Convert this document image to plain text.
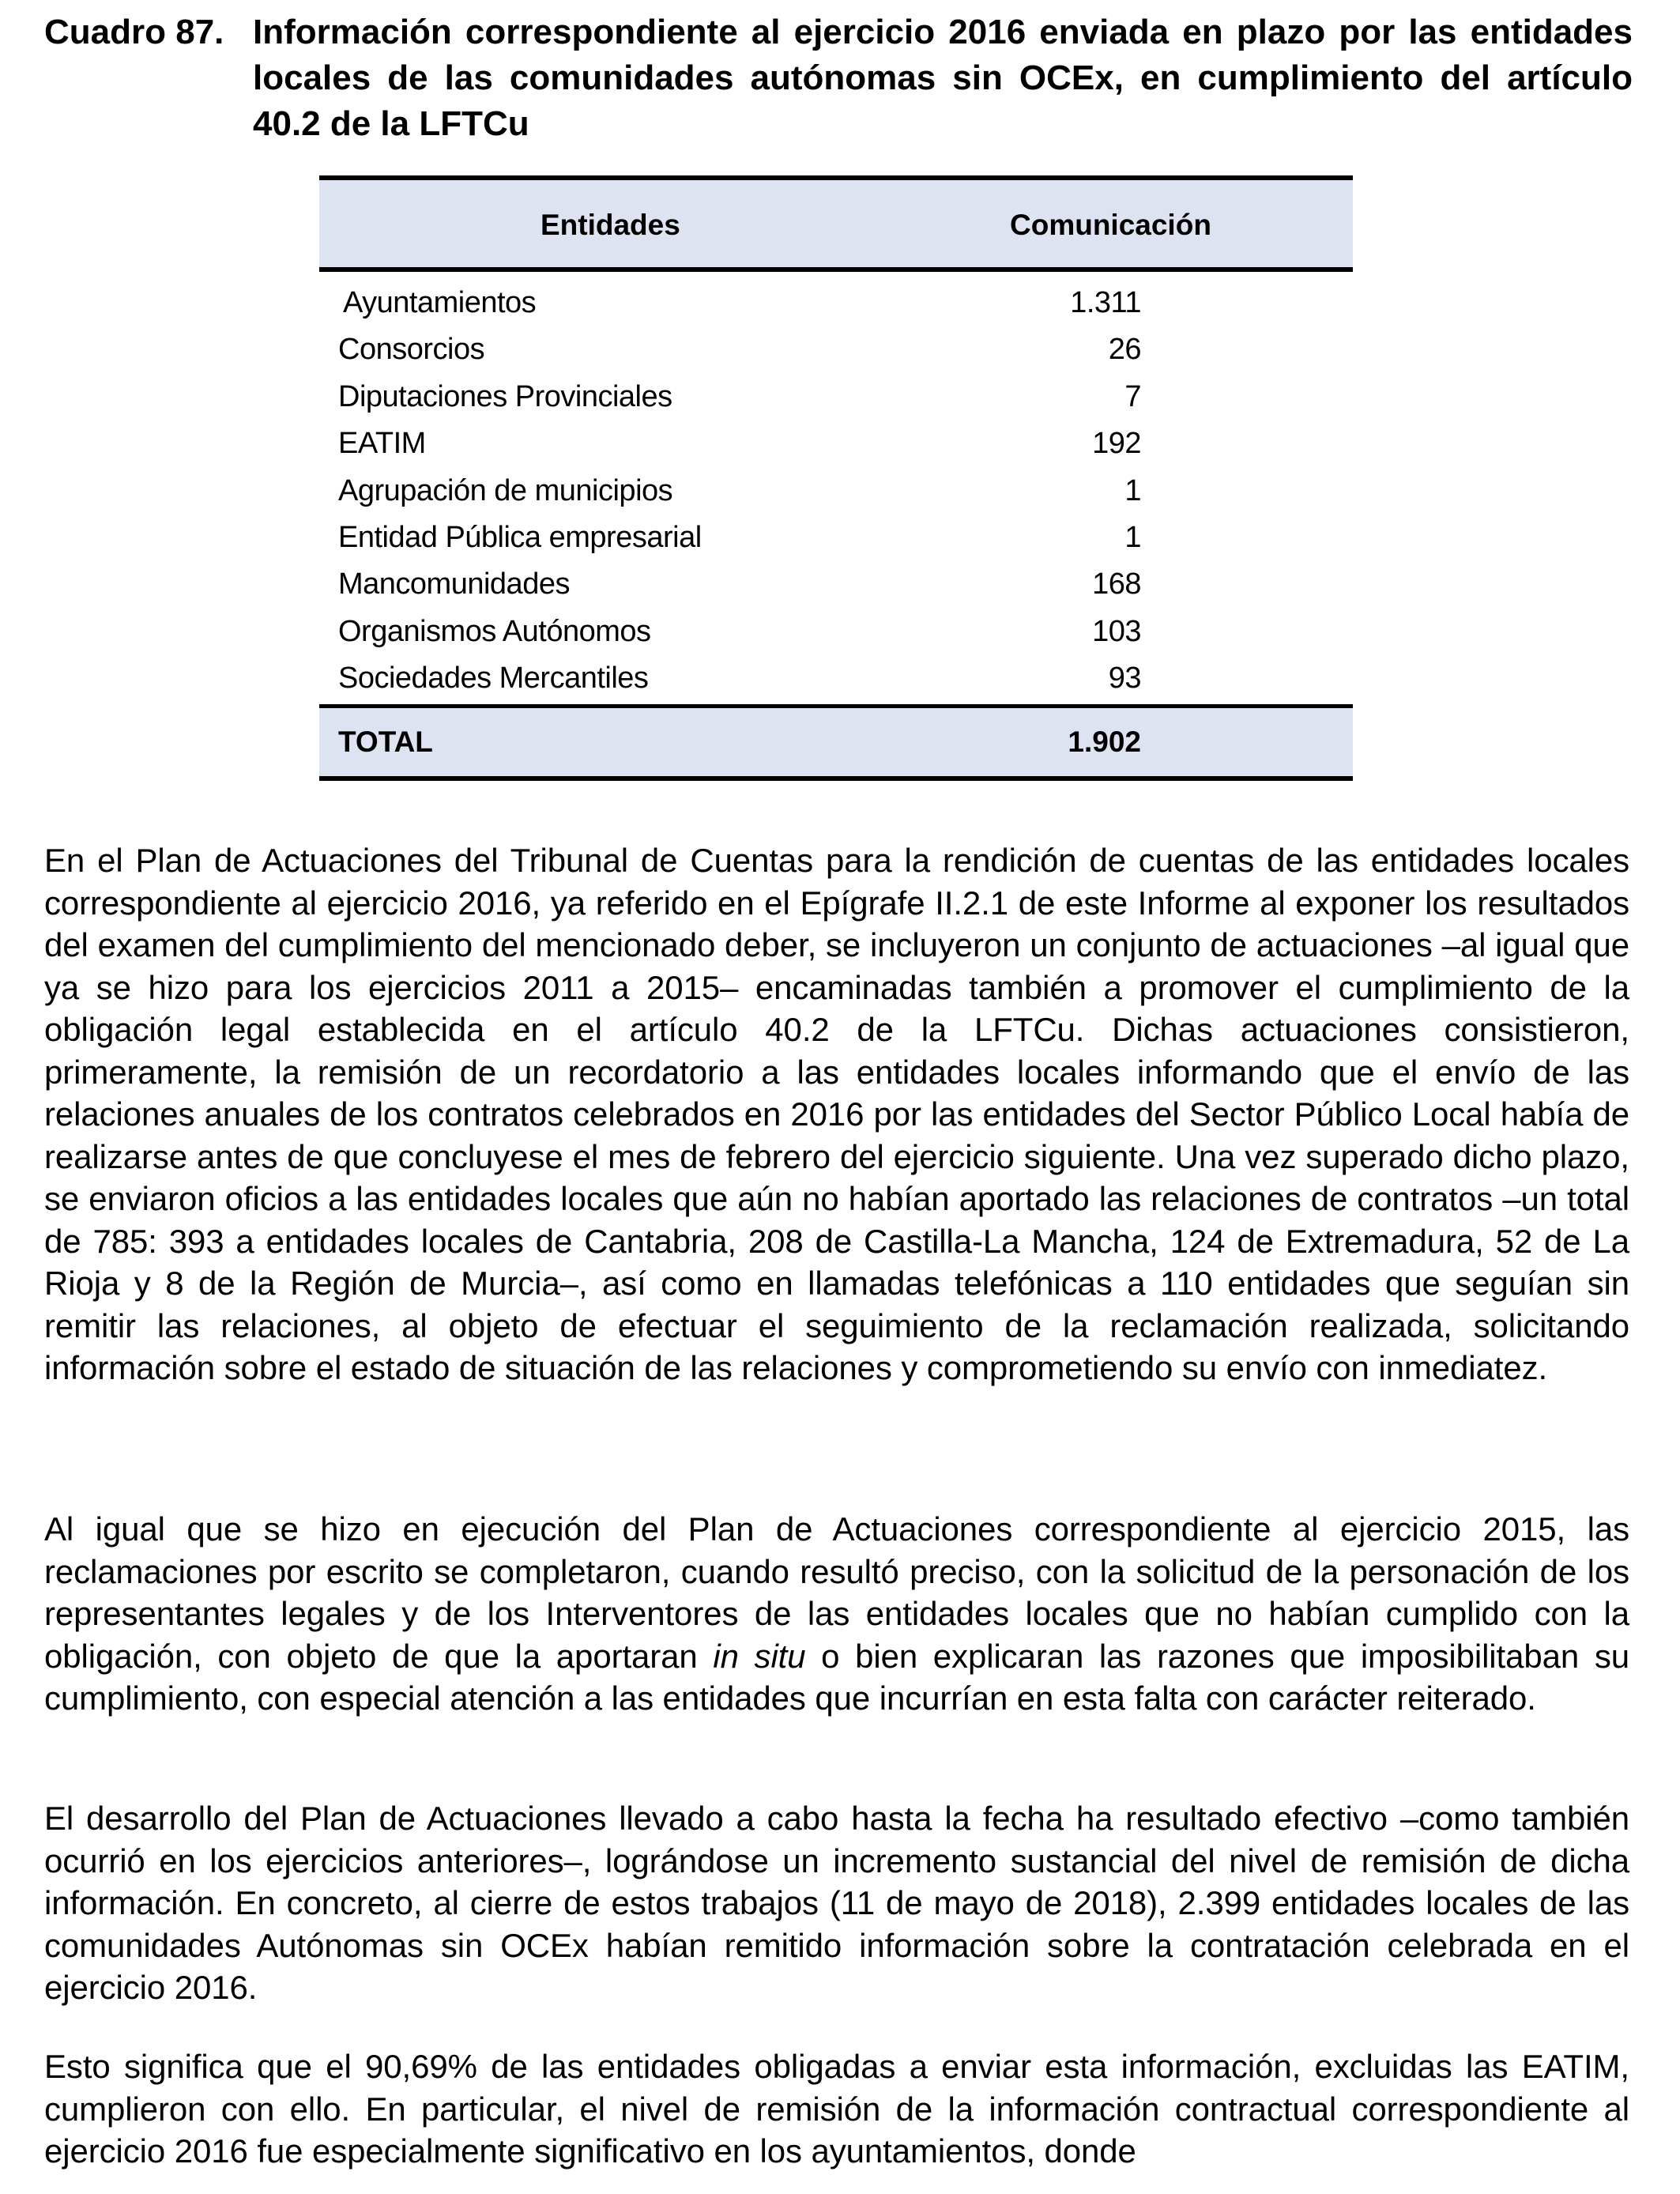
Cuadro 87. Información correspondiente al ejercicio 2016 enviada en plazo por las entidades locales de las comunidades autónomas sin OCEx, en cumplimiento del artículo 40.2 de la LFTCu
Entidades	Comunicación
Ayuntamientos	1.311
Consorcios	26
Diputaciones Provinciales	7
EATIM	192
Agrupación de municipios	1
Entidad Pública empresarial	1
Mancomunidades	168
Organismos Autónomos	103
Sociedades Mercantiles	93
TOTAL	1.902

En el Plan de Actuaciones del Tribunal de Cuentas para la rendición de cuentas de las entidades locales correspondiente al ejercicio 2016, ya referido en el Epígrafe II.2.1 de este Informe al exponer los resultados del examen del cumplimiento del mencionado deber, se incluyeron un conjunto de actuaciones –al igual que ya se hizo para los ejercicios 2011 a 2015– encaminadas también a promover el cumplimiento de la obligación legal establecida en el artículo 40.2 de la LFTCu. Dichas actuaciones consistieron, primeramente, la remisión de un recordatorio a las entidades locales informando que el envío de las relaciones anuales de los contratos celebrados en 2016 por las entidades del Sector Público Local había de realizarse antes de que concluyese el mes de febrero del ejercicio siguiente. Una vez superado dicho plazo, se enviaron oficios a las entidades locales que aún no habían aportado las relaciones de contratos –un total de 785: 393 a entidades locales de Cantabria, 208 de Castilla-La Mancha, 124 de Extremadura, 52 de La Rioja y 8 de la Región de Murcia–, así como en llamadas telefónicas a 110 entidades que seguían sin remitir las relaciones, al objeto de efectuar el seguimiento de la reclamación realizada, solicitando información sobre el estado de situación de las relaciones y comprometiendo su envío con inmediatez.

Al igual que se hizo en ejecución del Plan de Actuaciones correspondiente al ejercicio 2015, las reclamaciones por escrito se completaron, cuando resultó preciso, con la solicitud de la personación de los representantes legales y de los Interventores de las entidades locales que no habían cumplido con la obligación, con objeto de que la aportaran in situ o bien explicaran las razones que imposibilitaban su cumplimiento, con especial atención a las entidades que incurrían en esta falta con carácter reiterado.

El desarrollo del Plan de Actuaciones llevado a cabo hasta la fecha ha resultado efectivo –como también ocurrió en los ejercicios anteriores–, lográndose un incremento sustancial del nivel de remisión de dicha información. En concreto, al cierre de estos trabajos (11 de mayo de 2018), 2.399 entidades locales de las comunidades Autónomas sin OCEx habían remitido información sobre la contratación celebrada en el ejercicio 2016.

Esto significa que el 90,69% de las entidades obligadas a enviar esta información, excluidas las EATIM, cumplieron con ello. En particular, el nivel de remisión de la información contractual correspondiente al ejercicio 2016 fue especialmente significativo en los ayuntamientos, donde
